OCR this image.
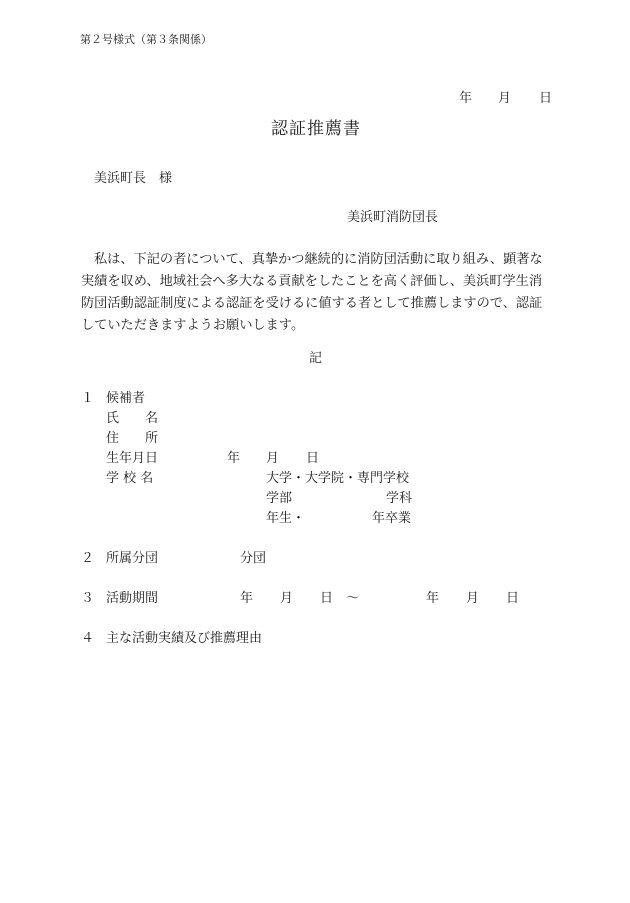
第２号様式（第３条関係）
年 月 日
認証推薦書
美浜町長　様
美浜町消防団長

私は、下記の者について、真摯かつ継続的に消防団活動に取り組み、顕著な実績を収め、地域社会へ多大なる貢献をしたことを高く評価し、美浜町学生消防団活動認証制度による認証を受けるに値する者として推薦しますので、認証していただきますようお願いします。

記
１ 候補者
氏　　名
住　　所
生年月日	年 月 日
学 校 名	大学・大学院・専門学校
学部	学科
年生・	年卒業
２ 所属分団	分団
３ 活動期間	年 月 日 ～	年 月 日
４ 主な活動実績及び推薦理由
